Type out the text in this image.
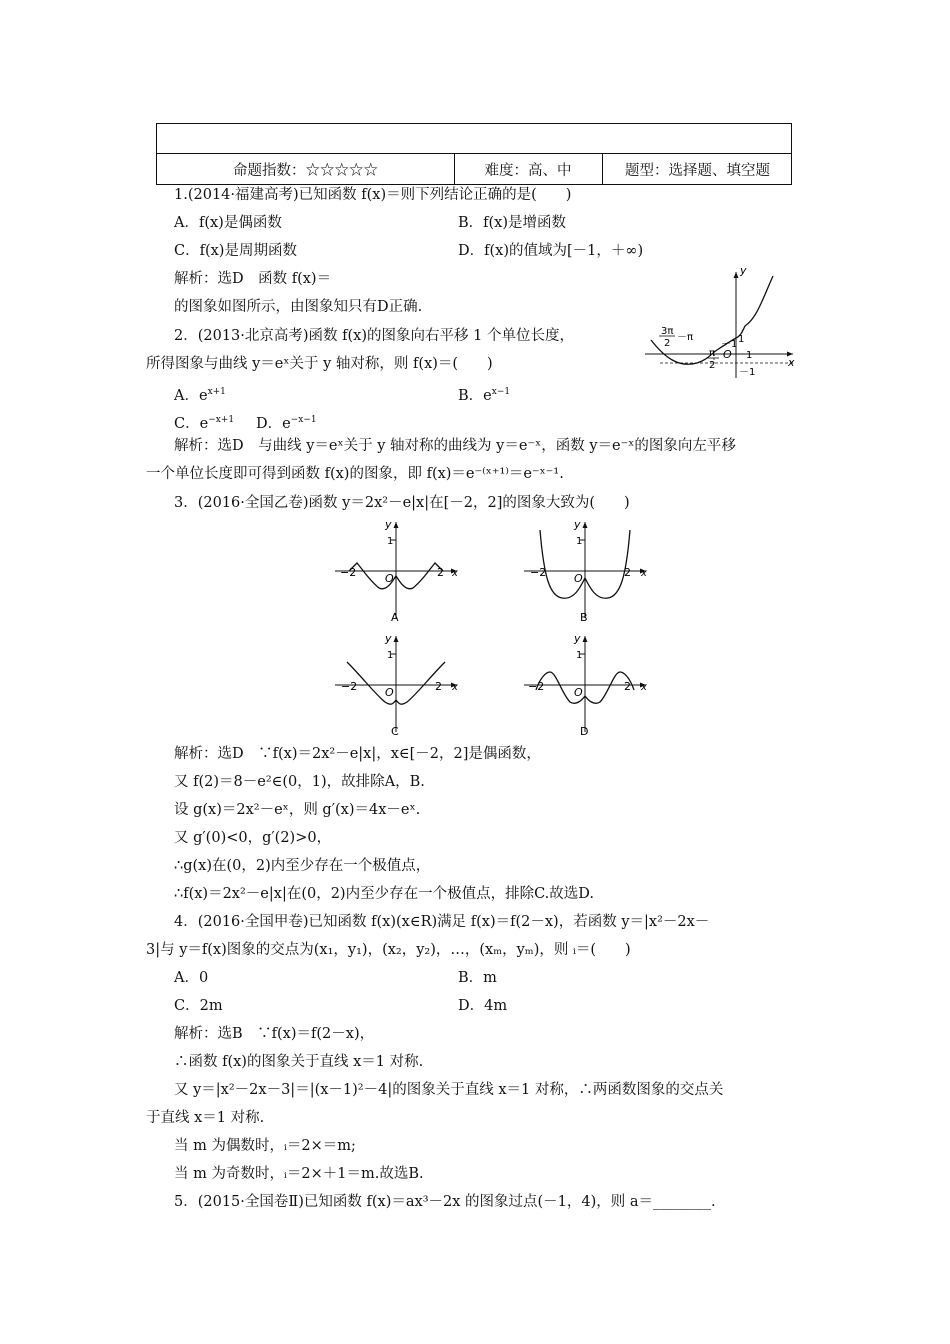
命题指数：☆☆☆☆☆	难度：高、中	题型：选择题、填空题
1.(2014·福建高考)已知函数 f(x)＝则下列结论正确的是(　　)
A．f(x)是偶函数	B．f(x)是增函数
C．f(x)是周期函数	D．f(x)的值域为[－1，＋∞)
解析：选D　函数 f(x)＝
的图象如图所示，由图象知只有D正确.
y
x
O
3π
2
－π
π
2
1
－1
1
－1
2．(2013·北京高考)函数 f(x)的图象向右平移 1 个单位长度，
所得图象与曲线 y＝eˣ关于 y 轴对称，则 f(x)＝(　　)
A．$e^{x+1}$	B．$e^{x-1}$
C．$e^{-x+1}$ D．$e^{-x-1}$
解析：选D　与曲线 y＝eˣ关于 y 轴对称的曲线为 y＝e⁻ˣ，函数 y＝e⁻ˣ的图象向左平移
一个单位长度即可得到函数 f(x)的图象，即 f(x)＝e⁻⁽ˣ⁺¹⁾＝e⁻ˣ⁻¹.
3．(2016·全国乙卷)函数 y＝2x²－e|x|在[－2，2]的图象大致为(　　)
y
x
1
O
−2	2
A
y
x
1
O
−2	2
B
y
x
1
O
−2	2
C
y
x
1
O
−2	2
D
解析：选D　∵f(x)＝2x²－e|x|，x∈[－2，2]是偶函数，
又 f(2)＝8－e²∈(0，1)，故排除A，B.
设 g(x)＝2x²－eˣ，则 g′(x)＝4x－eˣ.
又 g′(0)<0，g′(2)>0，
∴g(x)在(0，2)内至少存在一个极值点，
∴f(x)＝2x²－e|x|在(0，2)内至少存在一个极值点，排除C.故选D.
4．(2016·全国甲卷)已知函数 f(x)(x∈R)满足 f(x)＝f(2－x)，若函数 y＝|x²－2x－
3|与 y＝f(x)图象的交点为(x₁，y₁)，(x₂，y₂)，…，(xₘ，yₘ)，则 ᵢ＝(　　)
A．0	B．m
C．2m	D．4m
解析：选B　∵f(x)＝f(2－x)，
∴函数 f(x)的图象关于直线 x＝1 对称.
又 y＝|x²－2x－3|＝|(x－1)²－4|的图象关于直线 x＝1 对称，∴两函数图象的交点关
于直线 x＝1 对称.
当 m 为偶数时，ᵢ＝2×＝m;
当 m 为奇数时，ᵢ＝2×＋1＝m.故选B.
5．(2015·全国卷Ⅱ)已知函数 f(x)＝ax³－2x 的图象过点(－1，4)，则 a＝________.
